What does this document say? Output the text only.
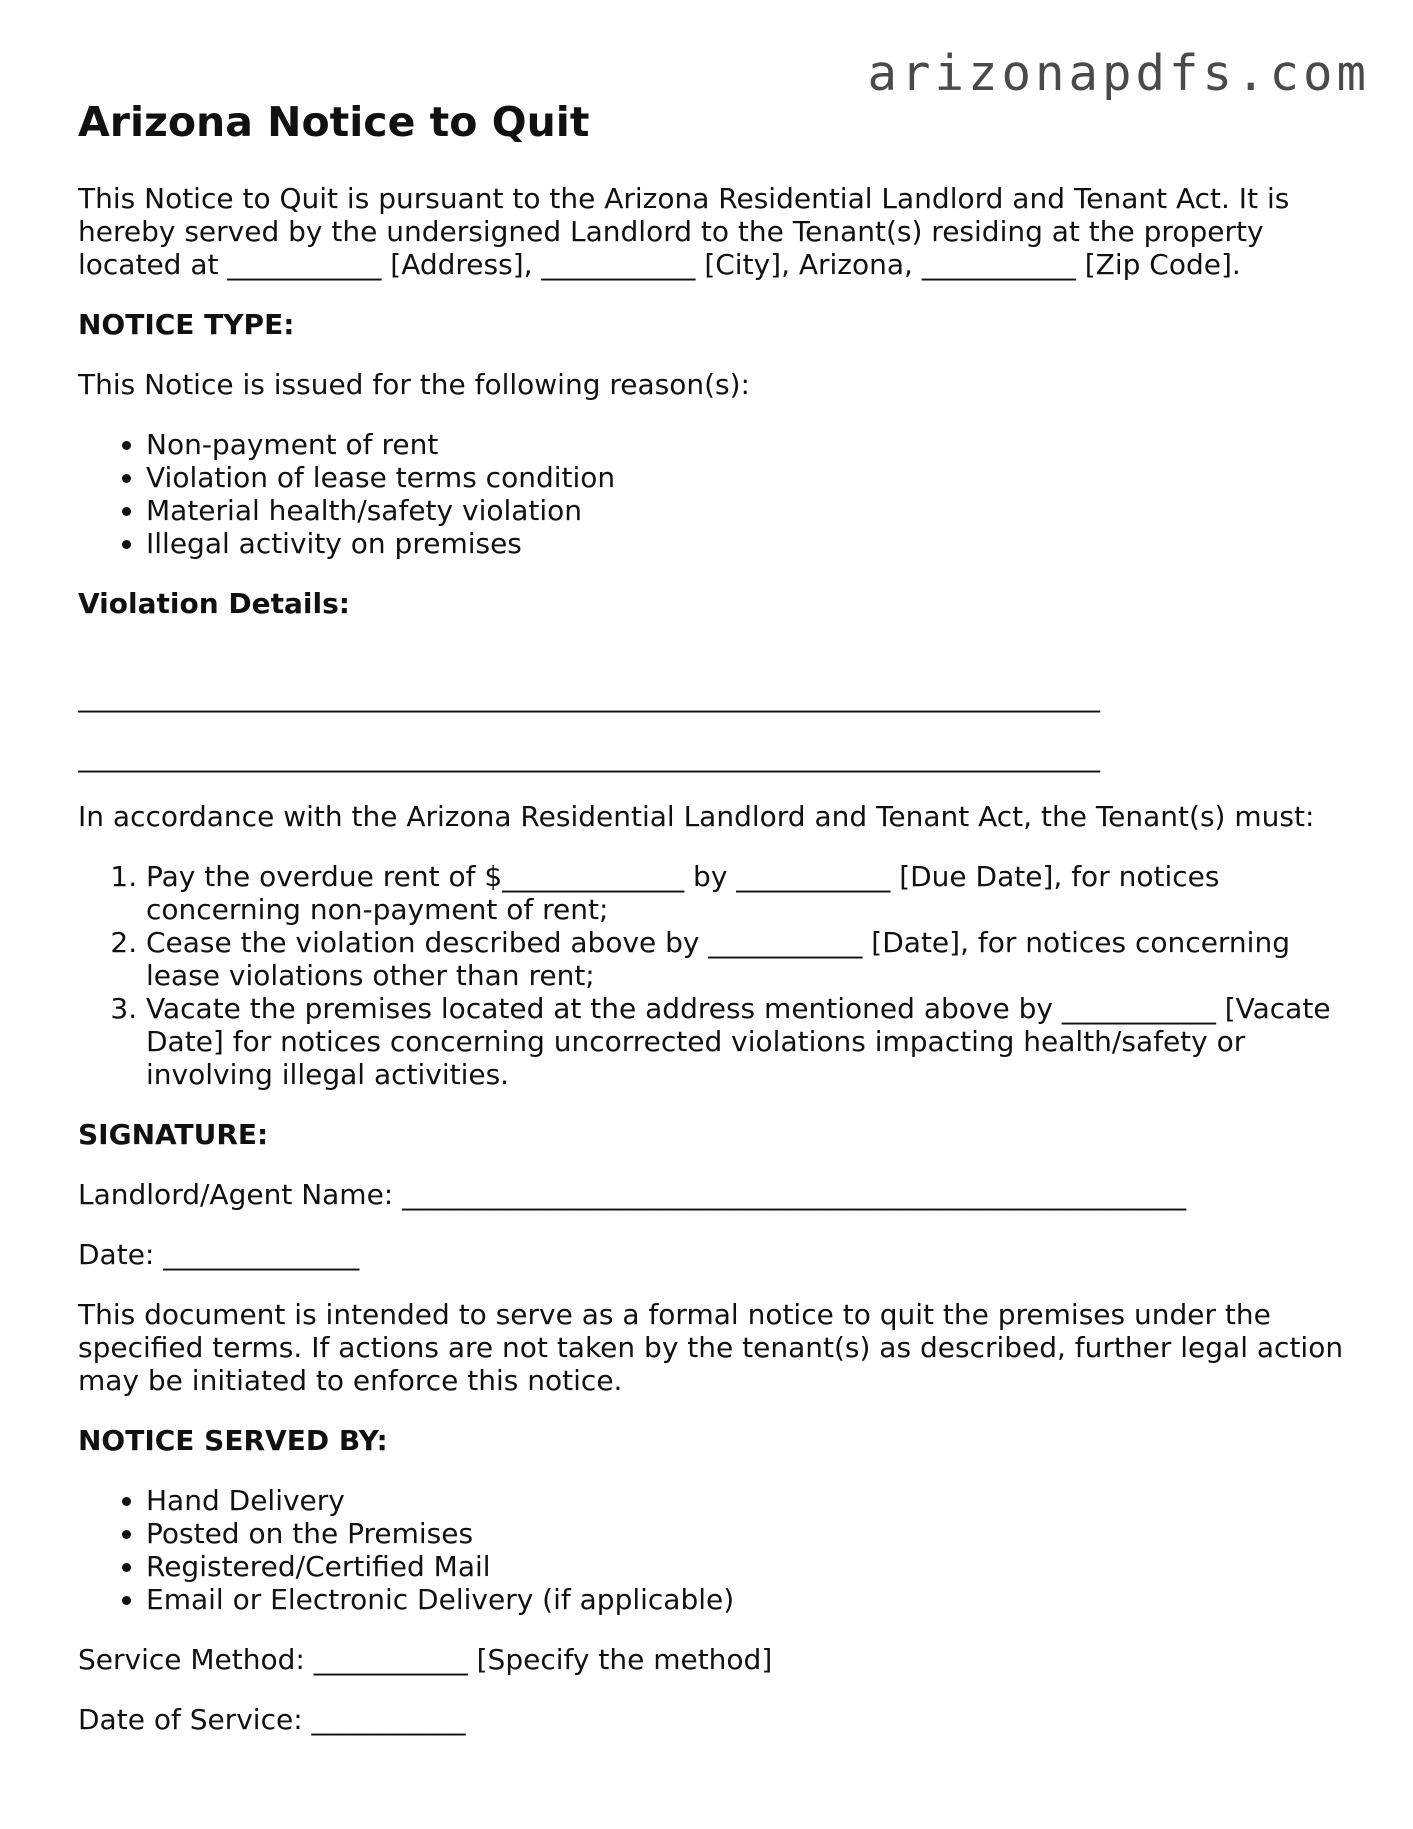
arizonapdfs.com
Arizona Notice to Quit

This Notice to Quit is pursuant to the Arizona Residential Landlord and Tenant Act. It is hereby served by the undersigned Landlord to the Tenant(s) residing at the property located at ___________ [Address], ___________ [City], Arizona, ___________ [Zip Code].

NOTICE TYPE:

This Notice is issued for the following reason(s):

• Non-payment of rent
• Violation of lease terms condition
• Material health/safety violation
• Illegal activity on premises

Violation Details:

_________________________________________________________________________
_________________________________________________________________________

In accordance with the Arizona Residential Landlord and Tenant Act, the Tenant(s) must:

1. Pay the overdue rent of $_____________ by ___________ [Due Date], for notices concerning non-payment of rent;
2. Cease the violation described above by ___________ [Date], for notices concerning lease violations other than rent;
3. Vacate the premises located at the address mentioned above by ___________ [Vacate Date] for notices concerning uncorrected violations impacting health/safety or involving illegal activities.

SIGNATURE:

Landlord/Agent Name: ________________________________________________________

Date: ______________

This document is intended to serve as a formal notice to quit the premises under the specified terms. If actions are not taken by the tenant(s) as described, further legal action may be initiated to enforce this notice.

NOTICE SERVED BY:

• Hand Delivery
• Posted on the Premises
• Registered/Certified Mail
• Email or Electronic Delivery (if applicable)

Service Method: ___________ [Specify the method]

Date of Service: ___________
